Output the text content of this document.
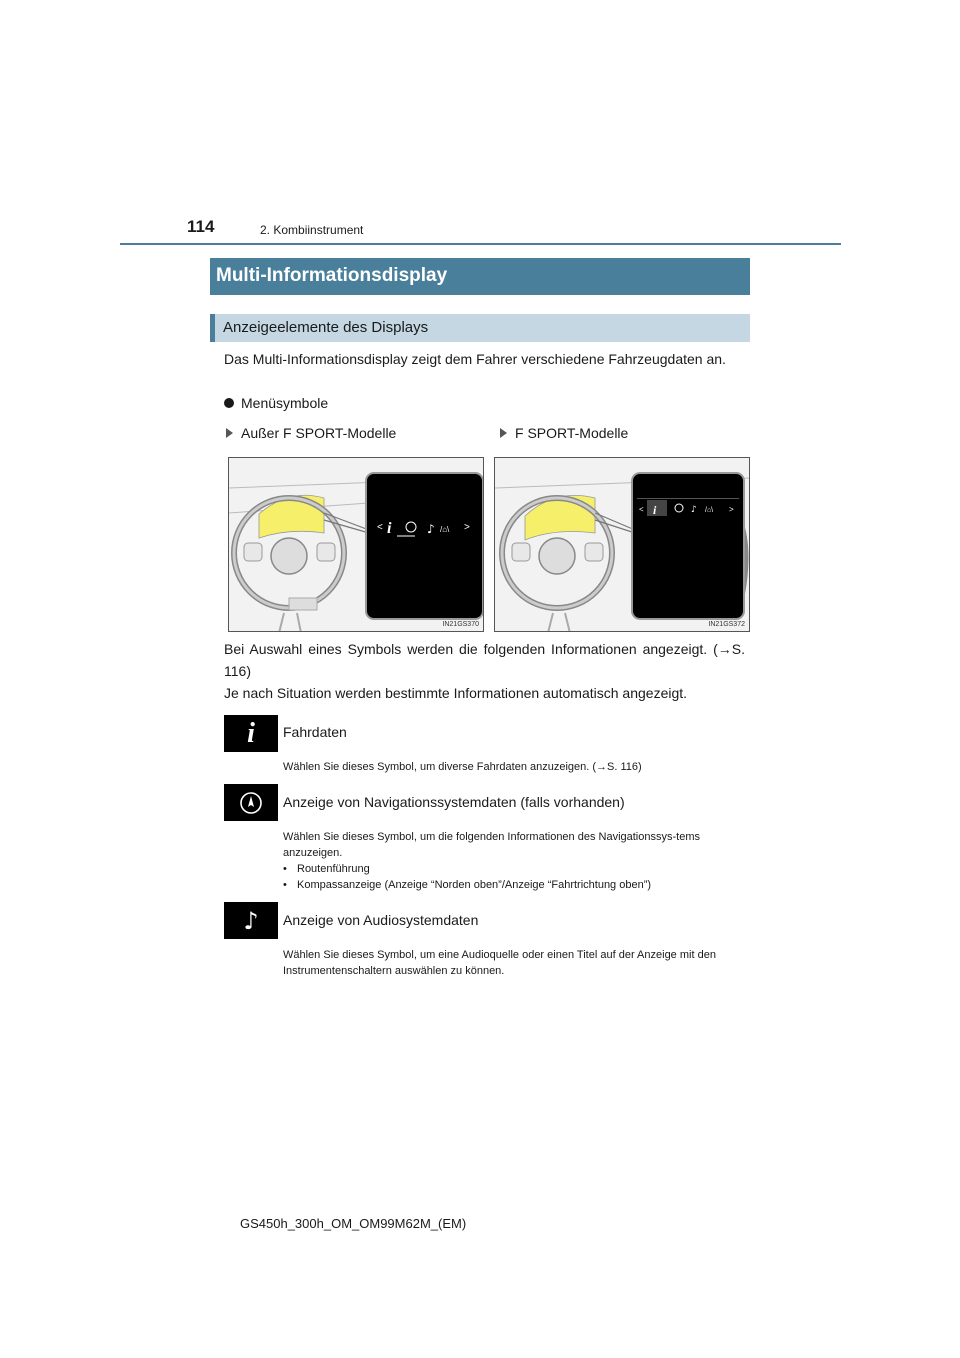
114	2. Kombiinstrument
Multi-Informationsdisplay
Anzeigeelemente des Displays
Das Multi-Informationsdisplay zeigt dem Fahrer verschiedene Fahrzeugdaten an.
Menüsymbole
Außer F SPORT-Modelle	F SPORT-Modelle
< i	♪ /⌂\ >
IN21GS370
< i	♪ /⌂\ >
IN21GS372
Bei Auswahl eines Symbols werden die folgenden Informationen angezeigt. (→S. 116)
Je nach Situation werden bestimmte Informationen automatisch angezeigt.
i Fahrdaten
Wählen Sie dieses Symbol, um diverse Fahrdaten anzuzeigen. (→S. 116)
Anzeige von Navigationssystemdaten (falls vorhanden)
Wählen Sie dieses Symbol, um die folgenden Informationen des Navigationssys-tems anzuzeigen.
• Routenführung
• Kompassanzeige (Anzeige “Norden oben”/Anzeige “Fahrtrichtung oben”)
♪ Anzeige von Audiosystemdaten
Wählen Sie dieses Symbol, um eine Audioquelle oder einen Titel auf der Anzeige mit den Instrumentenschaltern auswählen zu können.
GS450h_300h_OM_OM99M62M_(EM)
